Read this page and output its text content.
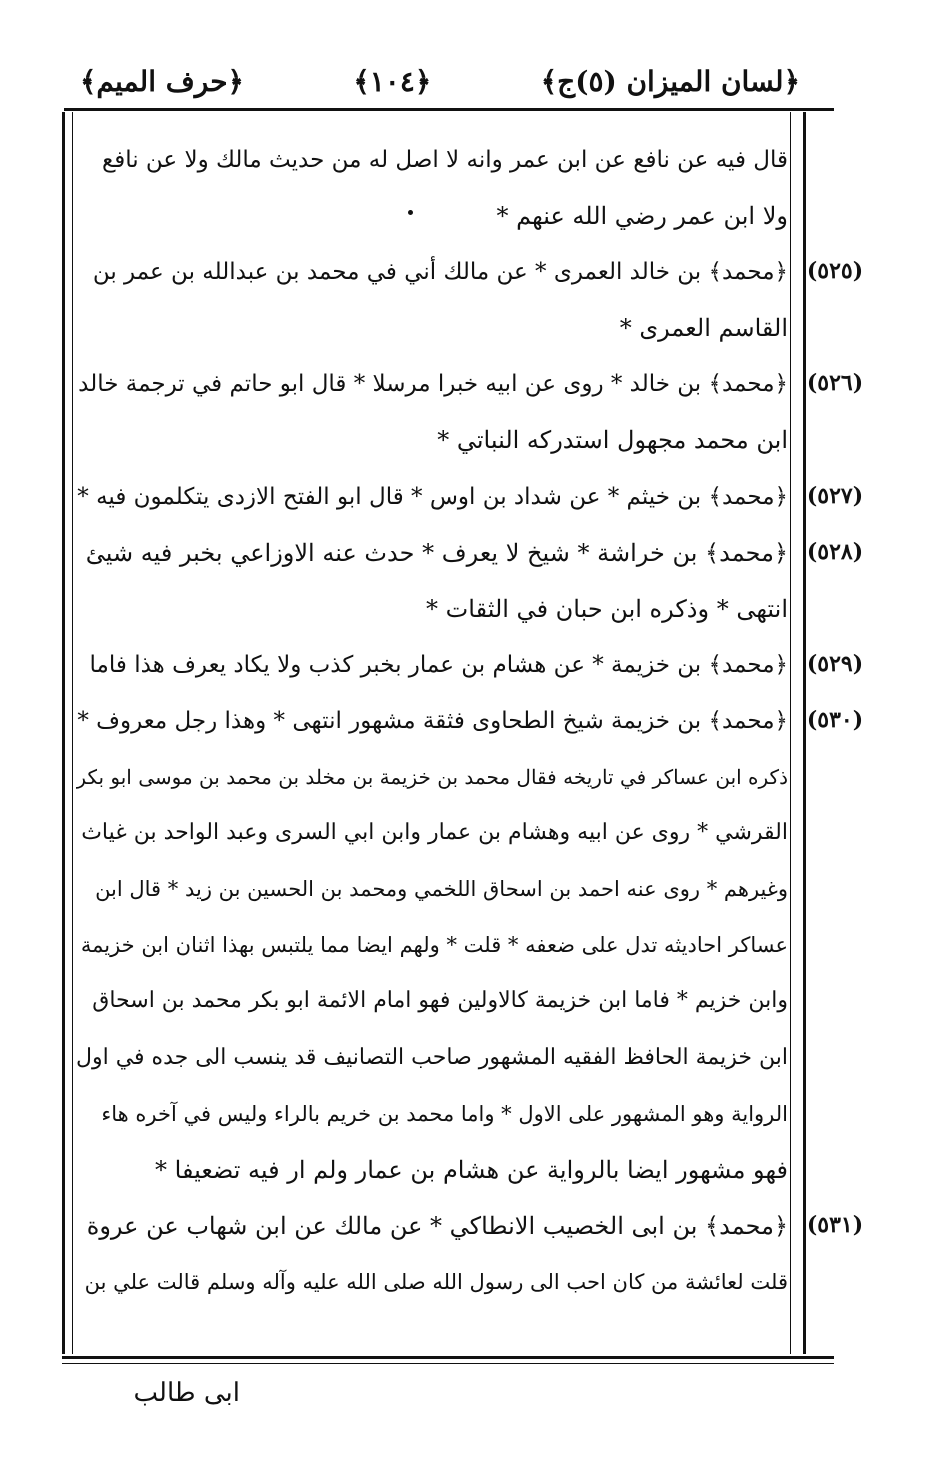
﴿لسان الميزان (٥)ج﴾
﴿١٠٤﴾
﴿حرف الميم﴾
قال فيه عن نافع عن ابن عمر وانه لا اصل له من حديث مالك ولا عن نافع
ولا ابن عمر رضي الله عنهم *
﴿محمد﴾ بن خالد العمرى * عن مالك أني في محمد بن عبدالله بن عمر بن
القاسم العمرى *
﴿محمد﴾ بن خالد * روى عن ابيه خبرا مرسلا * قال ابو حاتم في ترجمة خالد
ابن محمد مجهول استدركه النباتي *
﴿محمد﴾ بن خيثم * عن شداد بن اوس * قال ابو الفتح الازدى يتكلمون فيه *
﴿محمد﴾ بن خراشة * شيخ لا يعرف * حدث عنه الاوزاعي بخبر فيه شيئ
انتهى * وذكره ابن حبان في الثقات *
﴿محمد﴾ بن خزيمة * عن هشام بن عمار بخبر كذب ولا يكاد يعرف هذا فاما
﴿محمد﴾ بن خزيمة شيخ الطحاوى فثقة مشهور انتهى * وهذا رجل معروف *
ذكره ابن عساكر في تاريخه فقال محمد بن خزيمة بن مخلد بن محمد بن موسى ابو بكر
القرشي * روى عن ابيه وهشام بن عمار وابن ابي السرى وعبد الواحد بن غياث
وغيرهم * روى عنه احمد بن اسحاق اللخمي ومحمد بن الحسين بن زيد * قال ابن
عساكر احاديثه تدل على ضعفه * قلت * ولهم ايضا مما يلتبس بهذا اثنان ابن خزيمة
وابن خزيم * فاما ابن خزيمة كالاولين فهو امام الائمة ابو بكر محمد بن اسحاق
ابن خزيمة الحافظ الفقيه المشهور صاحب التصانيف قد ينسب الى جده في اول
الرواية وهو المشهور على الاول * واما محمد بن خريم بالراء وليس في آخره هاء
فهو مشهور ايضا بالرواية عن هشام بن عمار ولم ار فيه تضعيفا *
﴿محمد﴾ بن ابى الخصيب الانطاكي * عن مالك عن ابن شهاب عن عروة
قلت لعائشة من كان احب الى رسول الله صلى الله عليه وآله وسلم قالت علي بن
(٥٢٥)
(٥٢٦)
(٥٢٧)
(٥٢٨)
(٥٢٩)
(٥٣٠)
(٥٣١)
ابى طالب
